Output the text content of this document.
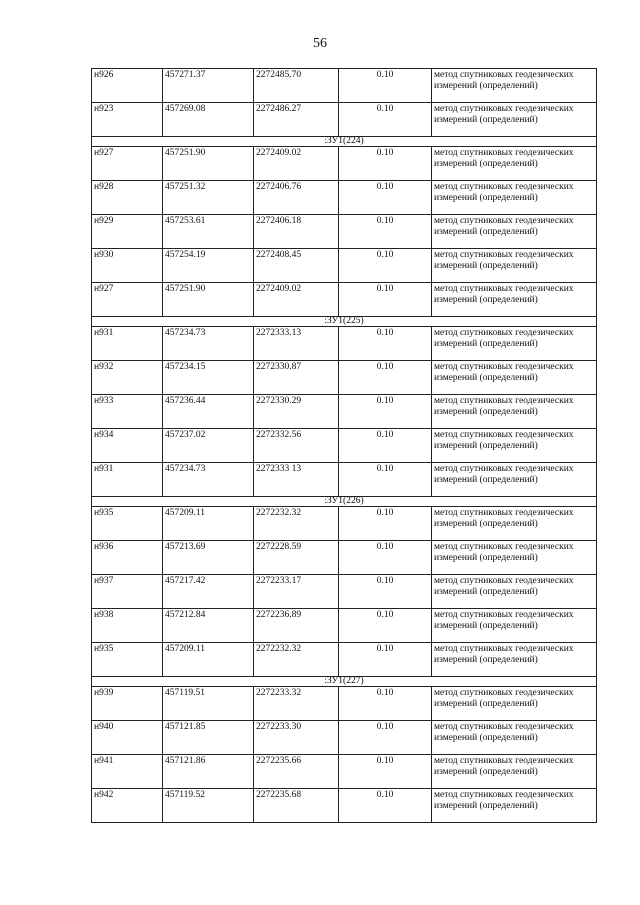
56
н926	457271.37	2272485.70	0.10	метод спутниковых геодезических измерений (определений)
н923	457269.08	2272486.27	0.10	метод спутниковых геодезических измерений (определений)
:ЗУ1(224)				
н927	457251.90	2272409.02	0.10	метод спутниковых геодезических измерений (определений)
н928	457251.32	2272406.76	0.10	метод спутниковых геодезических измерений (определений)
н929	457253.61	2272406.18	0.10	метод спутниковых геодезических измерений (определений)
н930	457254.19	2272408.45	0.10	метод спутниковых геодезических измерений (определений)
н927	457251.90	2272409.02	0.10	метод спутниковых геодезических измерений (определений)
:ЗУ1(225)				
н931	457234.73	2272333.13	0.10	метод спутниковых геодезических измерений (определений)
н932	457234.15	2272330.87	0.10	метод спутниковых геодезических измерений (определений)
н933	457236.44	2272330.29	0.10	метод спутниковых геодезических измерений (определений)
н934	457237.02	2272332.56	0.10	метод спутниковых геодезических измерений (определений)
н931	457234.73	2272333 13	0.10	метод спутниковых геодезических измерений (определений)
:ЗУ1(226)				
н935	457209.11	2272232.32	0.10	метод спутниковых геодезических измерений (определений)
н936	457213.69	2272228.59	0.10	метод спутниковых геодезических измерений (определений)
н937	457217.42	2272233.17	0.10	метод спутниковых геодезических измерений (определений)
н938	457212.84	2272236.89	0.10	метод спутниковых геодезических измерений (определений)
н935	457209.11	2272232.32	0.10	метод спутниковых геодезических измерений (определений)
:ЗУ1(227)				
н939	457119.51	2272233.32	0.10	метод спутниковых геодезических измерений (определений)
н940	457121.85	2272233.30	0.10	метод спутниковых геодезических измерений (определений)
н941	457121.86	2272235.66	0.10	метод спутниковых геодезических измерений (определений)
н942	457119.52	2272235.68	0.10	метод спутниковых геодезических измерений (определений)
